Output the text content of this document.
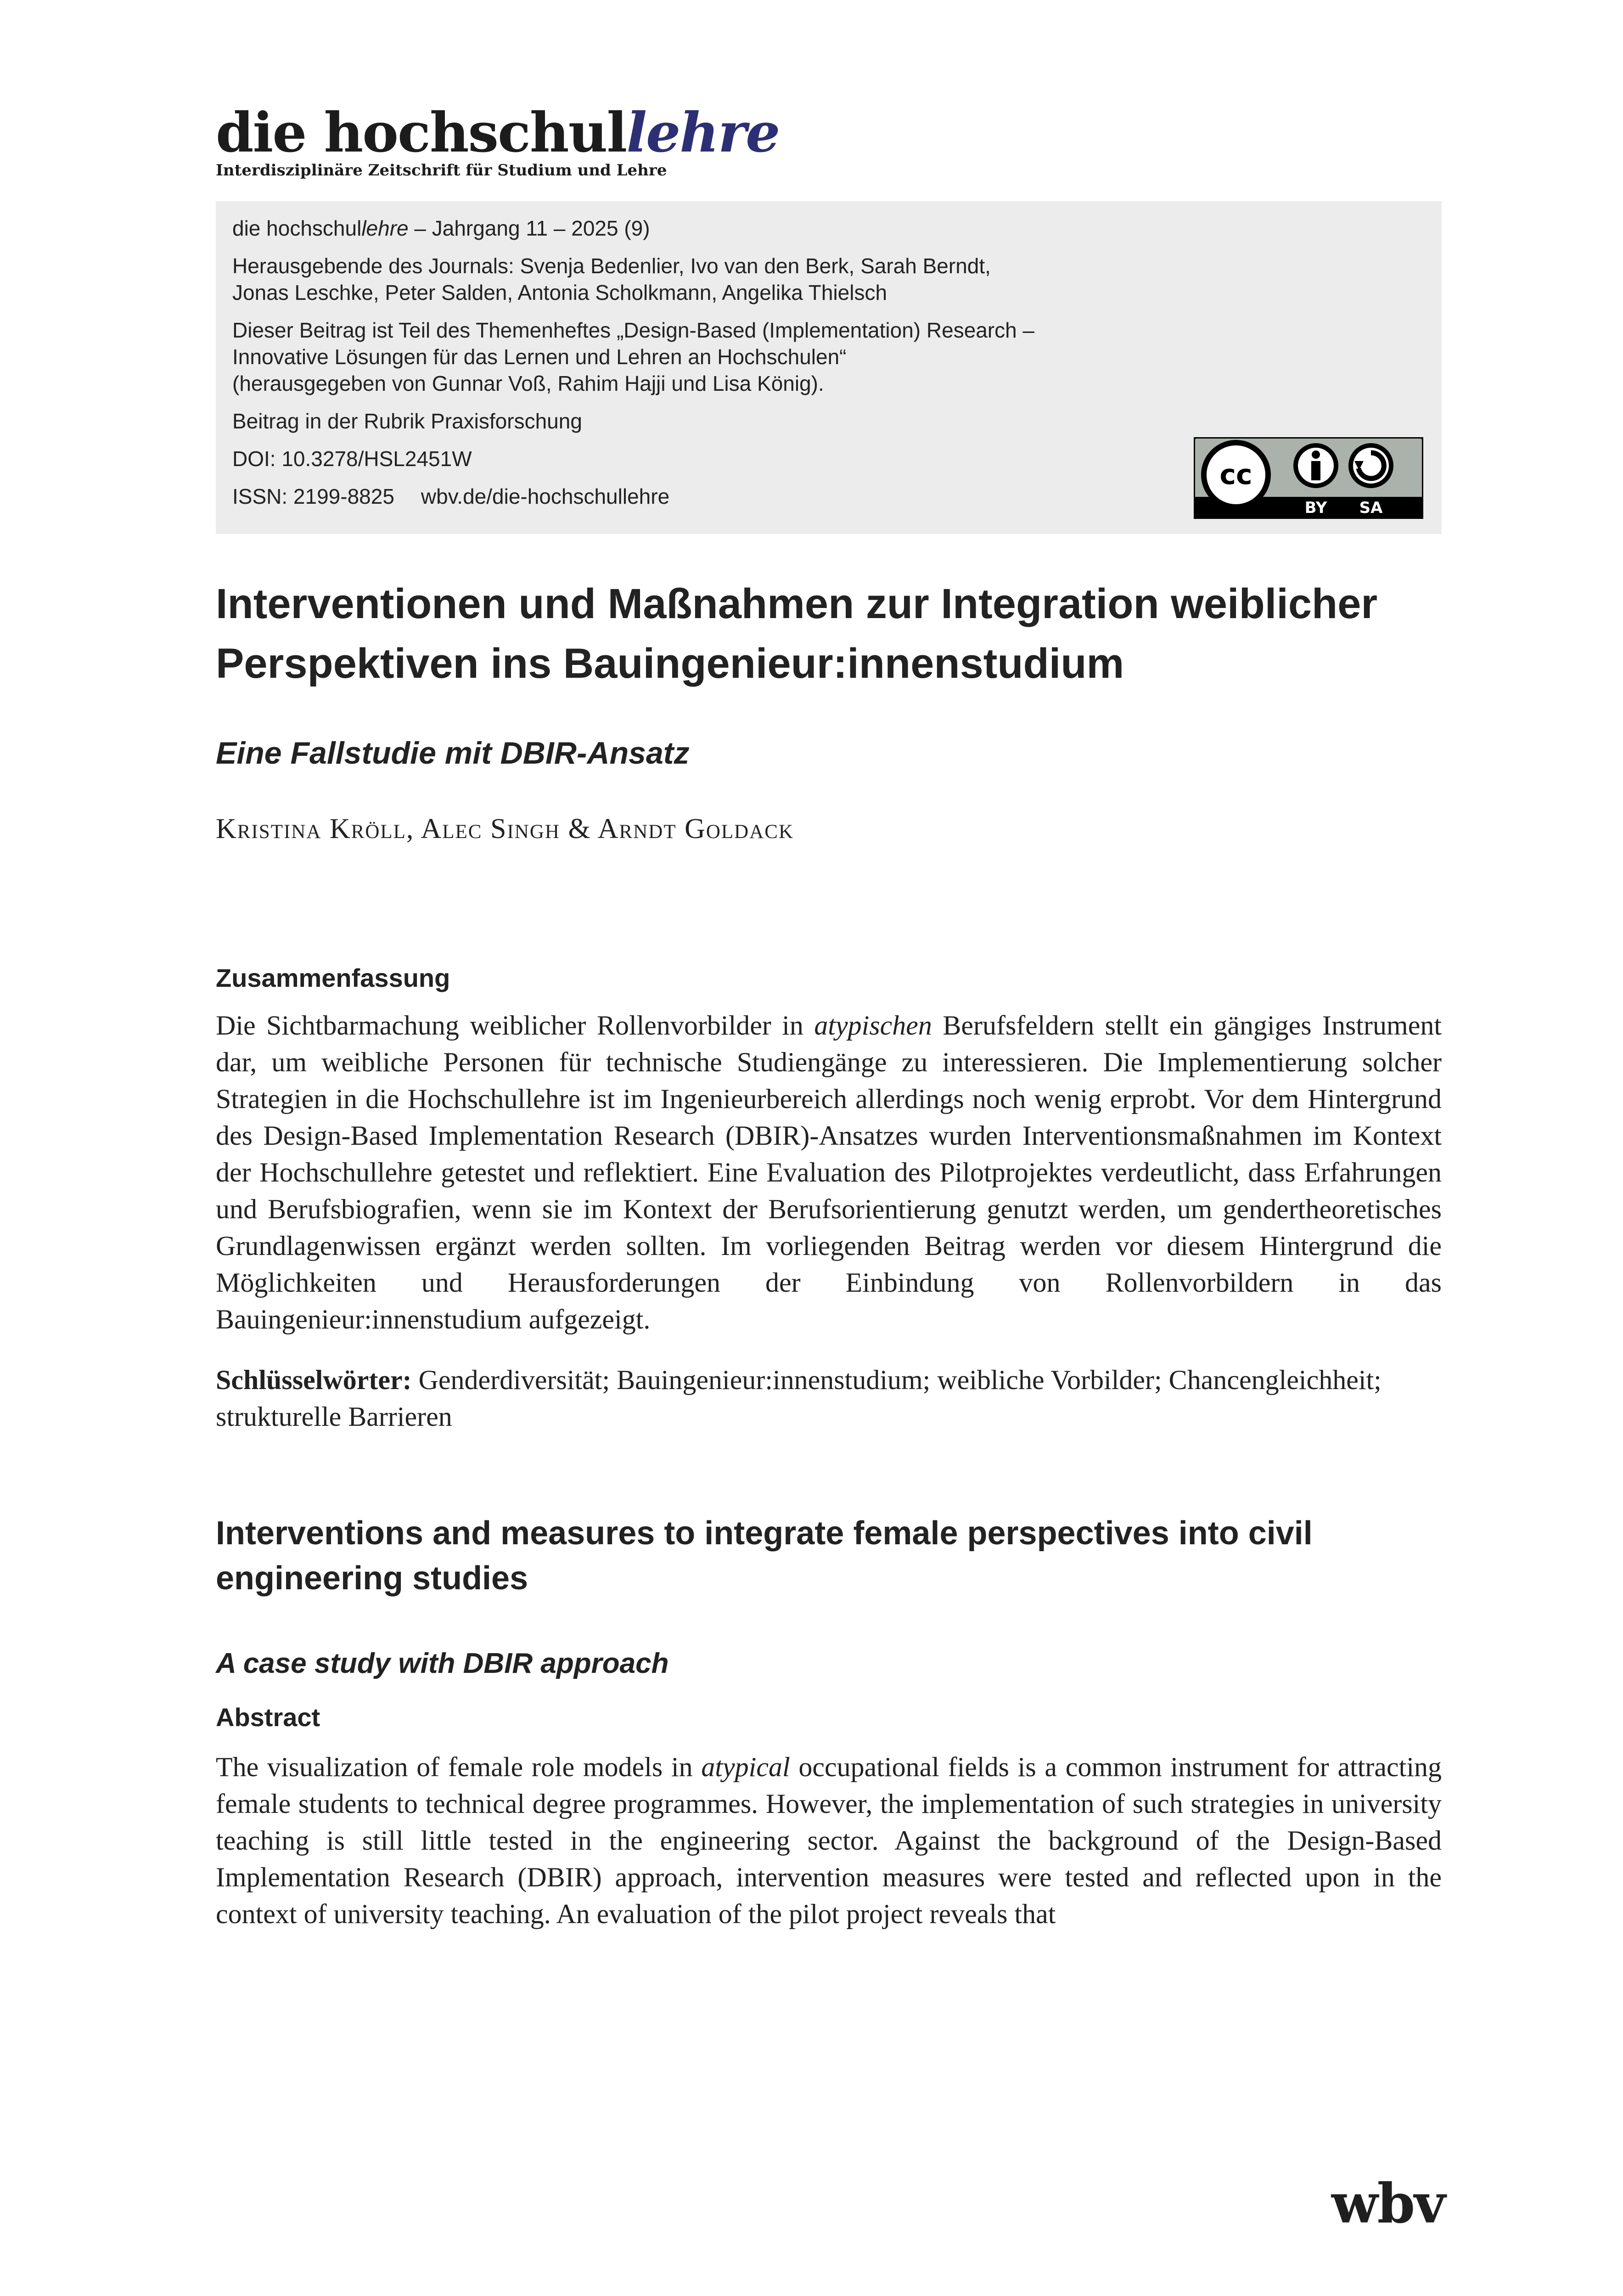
die hochschullehre
Interdisziplinäre Zeitschrift für Studium und Lehre
die hochschullehre – Jahrgang 11 – 2025 (9)
Herausgebende des Journals: Svenja Bedenlier, Ivo van den Berk, Sarah Berndt,
Jonas Leschke, Peter Salden, Antonia Scholkmann, Angelika Thielsch
Dieser Beitrag ist Teil des Themenheftes „Design-Based (Implementation) Research –
Innovative Lösungen für das Lernen und Lehren an Hochschulen“
(herausgegeben von Gunnar Voß, Rahim Hajji und Lisa König).
Beitrag in der Rubrik Praxisforschung
DOI: 10.3278/HSL2451W
ISSN: 2199-8825 wbv.de/die-hochschullehre
cc
BY SA
Interventionen und Maßnahmen zur Integration weiblicher Perspektiven ins Bauingenieur:innenstudium
Eine Fallstudie mit DBIR-Ansatz
Kristina Kröll, Alec Singh & Arndt Goldack
Zusammenfassung
Die Sichtbarmachung weiblicher Rollenvorbilder in atypischen Berufsfeldern stellt ein gängiges Instrument dar, um weibliche Personen für technische Studiengänge zu interessieren. Die Implementierung solcher Strategien in die Hochschullehre ist im Ingenieurbereich allerdings noch wenig erprobt. Vor dem Hintergrund des Design-Based Implementation Research (DBIR)-Ansatzes wurden Interventionsmaßnahmen im Kontext der Hochschullehre getestet und reflektiert. Eine Evaluation des Pilotprojektes verdeutlicht, dass Erfahrungen und Berufsbiografien, wenn sie im Kontext der Berufsorientierung genutzt werden, um gendertheoretisches Grundlagenwissen ergänzt werden sollten. Im vorliegenden Beitrag werden vor diesem Hintergrund die Möglichkeiten und Herausforderungen der Einbindung von Rollenvorbildern in das Bauingenieur:innenstudium aufgezeigt.
Schlüsselwörter: Genderdiversität; Bauingenieur:innenstudium; weibliche Vorbilder; Chancengleichheit; strukturelle Barrieren
Interventions and measures to integrate female perspectives into civil engineering studies
A case study with DBIR approach
Abstract
The visualization of female role models in atypical occupational fields is a common instrument for attracting female students to technical degree programmes. However, the implementation of such strategies in university teaching is still little tested in the engineering sector. Against the background of the Design-Based Implementation Research (DBIR) approach, intervention measures were tested and reflected upon in the context of university teaching. An evaluation of the pilot project reveals that
wbv
